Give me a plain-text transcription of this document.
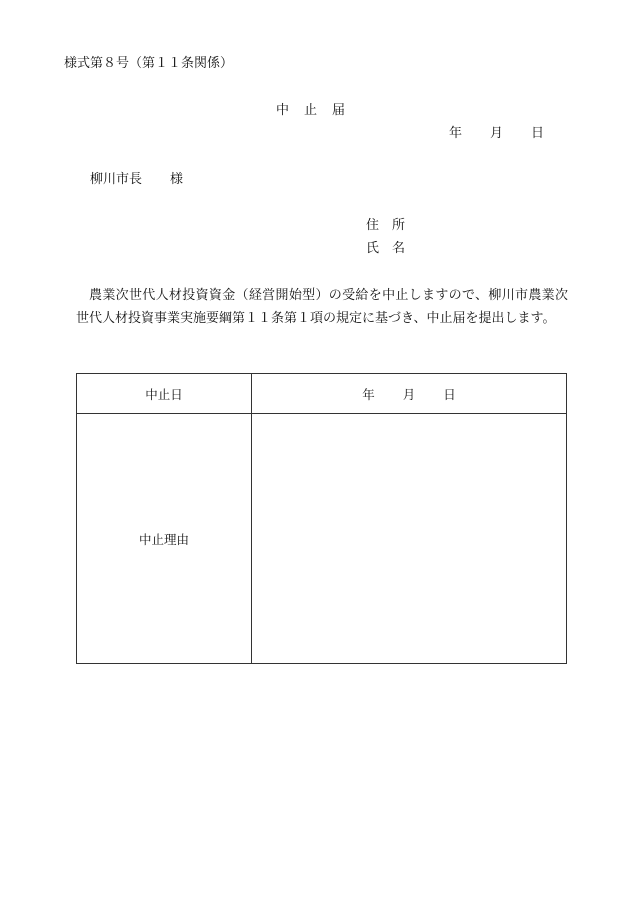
様式第８号（第１１条関係）
中 止 届
年 月 日
柳川市長 様
住 所
氏 名
農業次世代人材投資資金（経営開始型）の受給を中止しますので、柳川市農業次世代人材投資事業実施要綱第１１条第１項の規定に基づき、中止届を提出します。
中止日	年 月 日
中止理由	
